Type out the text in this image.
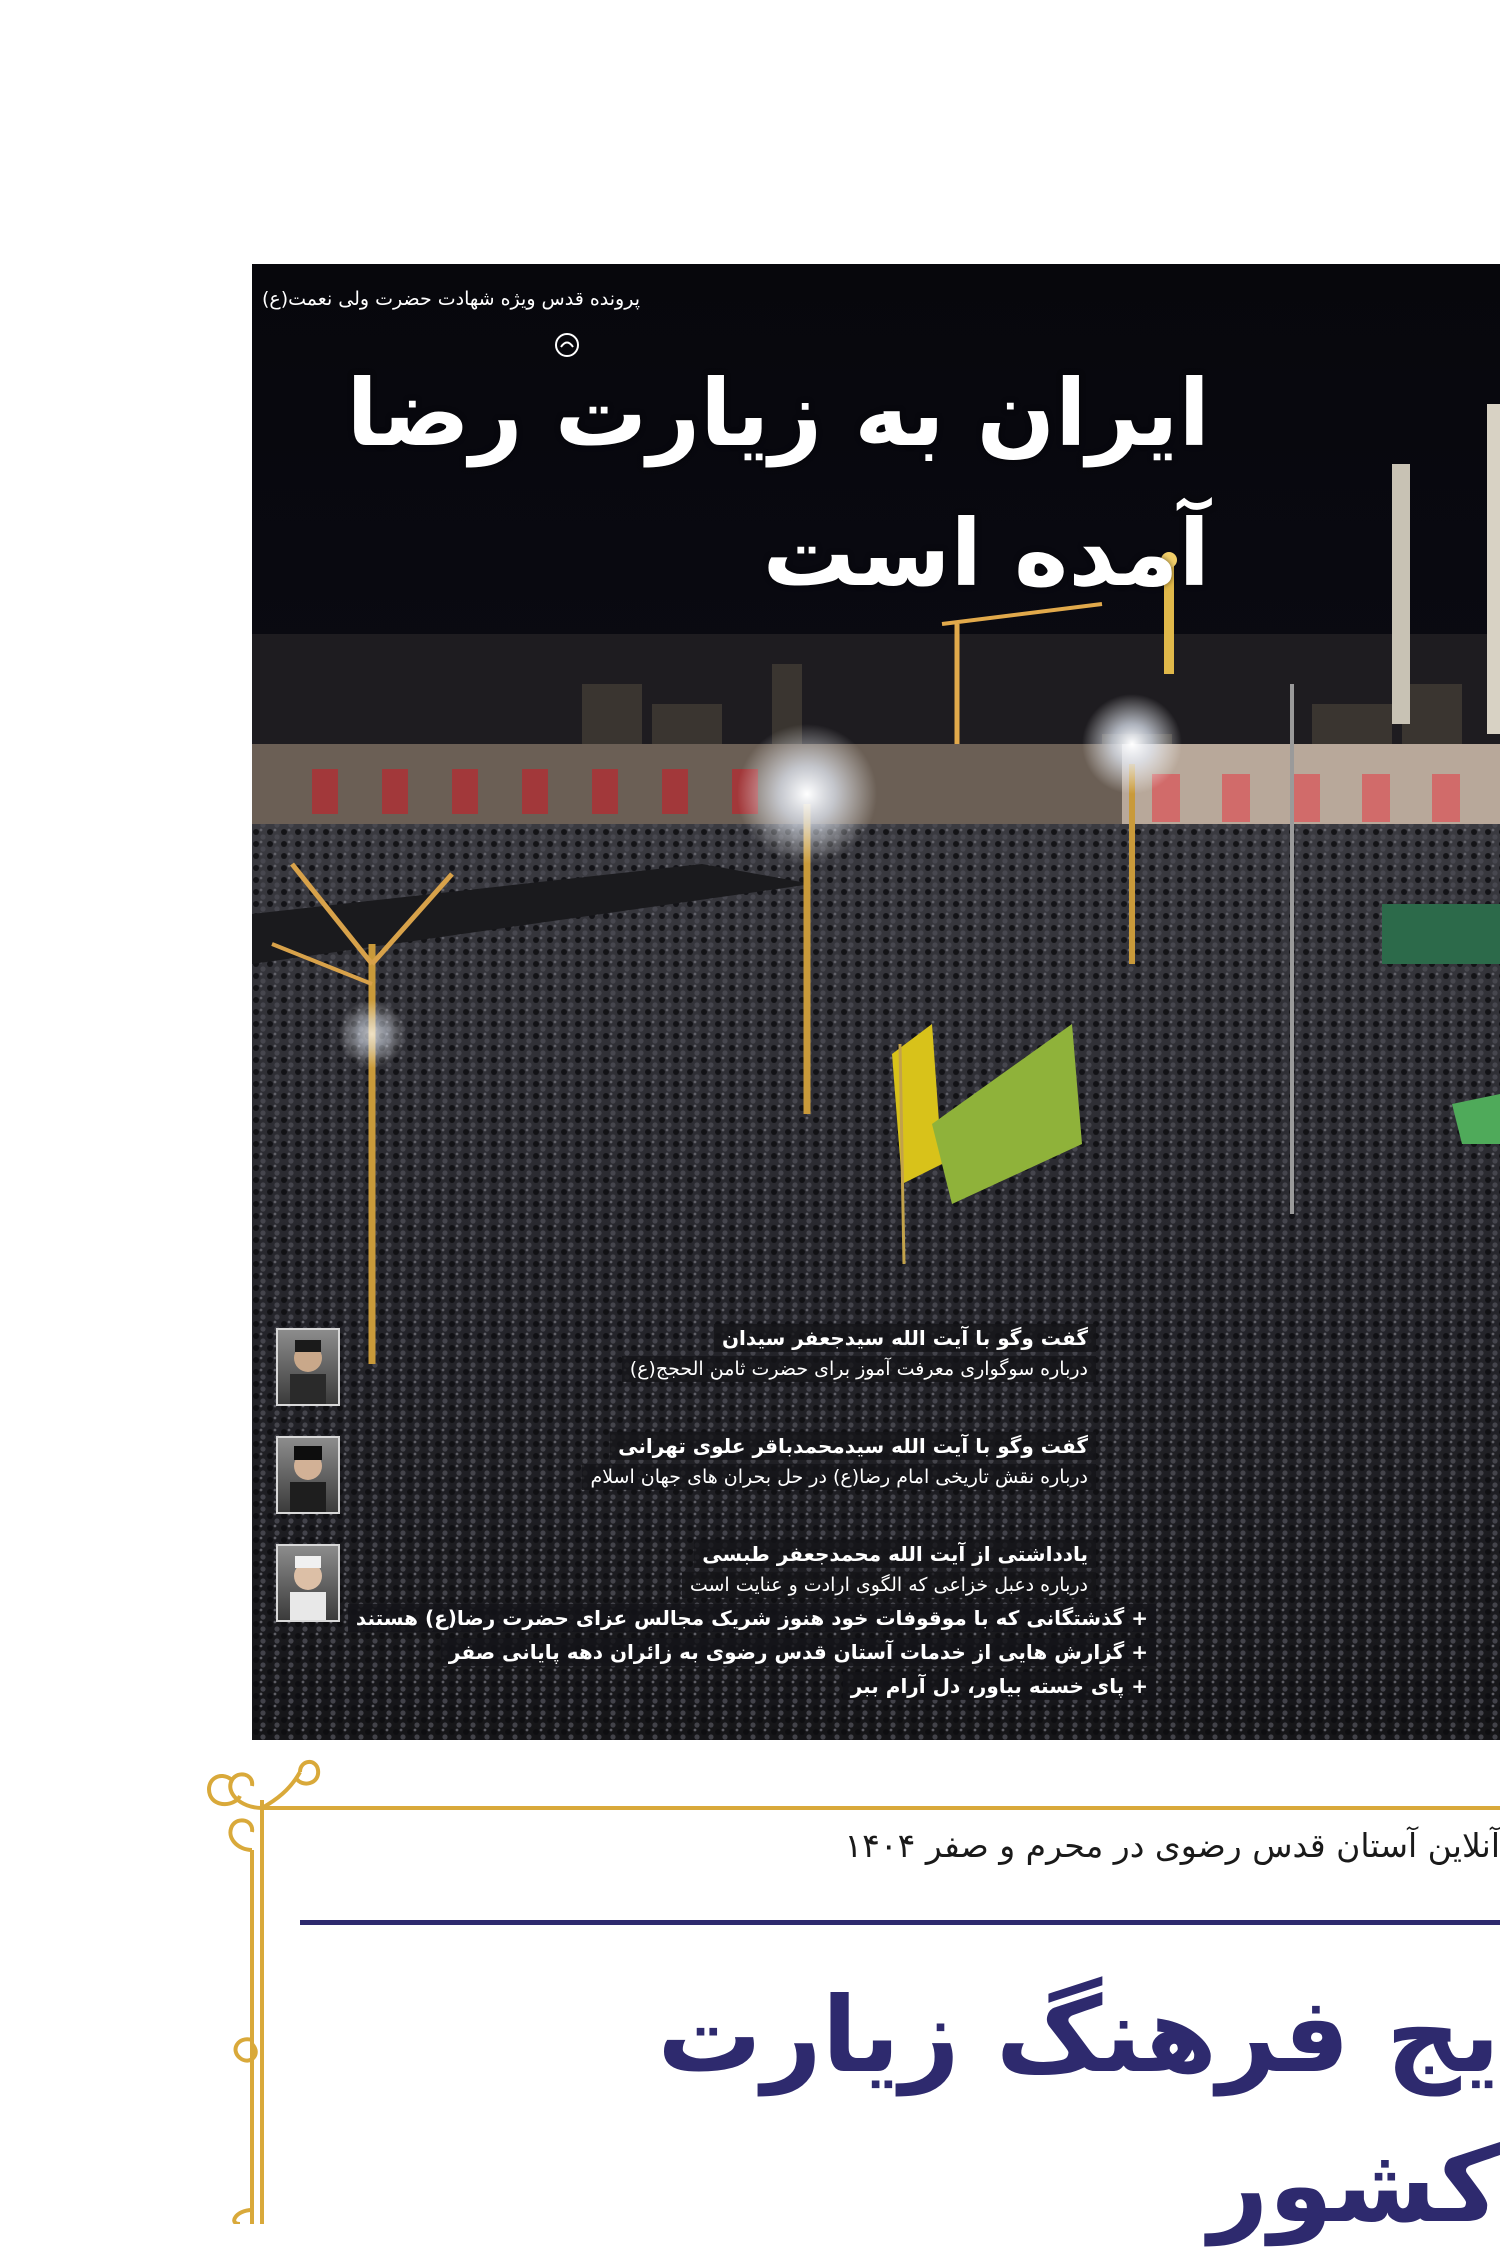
پرونده قدس ویژه شهادت حضرت ولی نعمت(ع)
ایران به زیارت رضا
آمده است
گفت وگو با آیت الله سیدجعفر سیدان
درباره سوگواری معرفت آموز برای حضرت ثامن الحجج(ع)
گفت وگو با آیت الله سیدمحمدباقر علوی تهرانی
درباره نقش تاریخی امام رضا(ع) در حل بحران های جهان اسلام
یادداشتی از آیت الله محمدجعفر طبسی
درباره دعبل خزاعی که الگوی ارادت و عنایت است
+ گذشتگانی که با موقوفات خود هنوز شریک مجالس عزای حضرت رضا(ع) هستند
+ گزارش هایی از خدمات آستان قدس رضوی به زائران دهه پایانی صفر
+ پای خسته بیاور، دل آرام ببر
آنلاین آستان قدس رضوی در محرم و صفر ۱۴۰۴
یج فرهنگ زیارت
کشور
